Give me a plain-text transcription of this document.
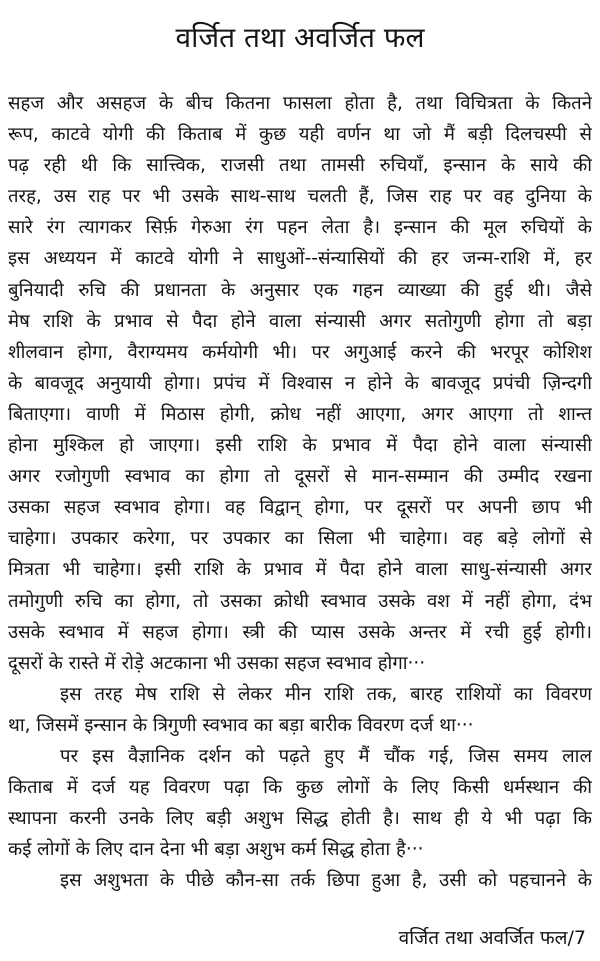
वर्जित तथा अवर्जित फल
सहज और असहज के बीच कितना फासला होता है, तथा विचित्रता के कितने
रूप, काटवे योगी की किताब में कुछ यही वर्णन था जो मैं बड़ी दिलचस्पी से
पढ़ रही थी कि सात्त्विक, राजसी तथा तामसी रुचियाँ, इन्सान के साये की
तरह, उस राह पर भी उसके साथ-साथ चलती हैं, जिस राह पर वह दुनिया के
सारे रंग त्यागकर सिर्फ़ गेरुआ रंग पहन लेता है। इन्सान की मूल रुचियों के
इस अध्ययन में काटवे योगी ने साधुओं--संन्यासियों की हर जन्म-राशि में, हर
बुनियादी रुचि की प्रधानता के अनुसार एक गहन व्याख्या की हुई थी। जैसे
मेष राशि के प्रभाव से पैदा होने वाला संन्यासी अगर सतोगुणी होगा तो बड़ा
शीलवान होगा, वैराग्यमय कर्मयोगी भी। पर अगुआई करने की भरपूर कोशिश
के बावजूद अनुयायी होगा। प्रपंच में विश्वास न होने के बावजूद प्रपंची ज़िन्दगी
बिताएगा। वाणी में मिठास होगी, क्रोध नहीं आएगा, अगर आएगा तो शान्त
होना मुश्किल हो जाएगा। इसी राशि के प्रभाव में पैदा होने वाला संन्यासी
अगर रजोगुणी स्वभाव का होगा तो दूसरों से मान-सम्मान की उम्मीद रखना
उसका सहज स्वभाव होगा। वह विद्वान् होगा, पर दूसरों पर अपनी छाप भी
चाहेगा। उपकार करेगा, पर उपकार का सिला भी चाहेगा। वह बड़े लोगों से
मित्रता भी चाहेगा। इसी राशि के प्रभाव में पैदा होने वाला साधु-संन्यासी अगर
तमोगुणी रुचि का होगा, तो उसका क्रोधी स्वभाव उसके वश में नहीं होगा, दंभ
उसके स्वभाव में सहज होगा। स्त्री की प्यास उसके अन्तर में रची हुई होगी।
दूसरों के रास्ते में रोड़े अटकाना भी उसका सहज स्वभाव होगा···
इस तरह मेष राशि से लेकर मीन राशि तक, बारह राशियों का विवरण
था, जिसमें इन्सान के त्रिगुणी स्वभाव का बड़ा बारीक विवरण दर्ज था···
पर इस वैज्ञानिक दर्शन को पढ़ते हुए मैं चौंक गई, जिस समय लाल
किताब में दर्ज यह विवरण पढ़ा कि कुछ लोगों के लिए किसी धर्मस्थान की
स्थापना करनी उनके लिए बड़ी अशुभ सिद्ध होती है। साथ ही ये भी पढ़ा कि
कई लोगों के लिए दान देना भी बड़ा अशुभ कर्म सिद्ध होता है···
इस अशुभता के पीछे कौन-सा तर्क छिपा हुआ है, उसी को पहचानने के
वर्जित तथा अवर्जित फल/7
